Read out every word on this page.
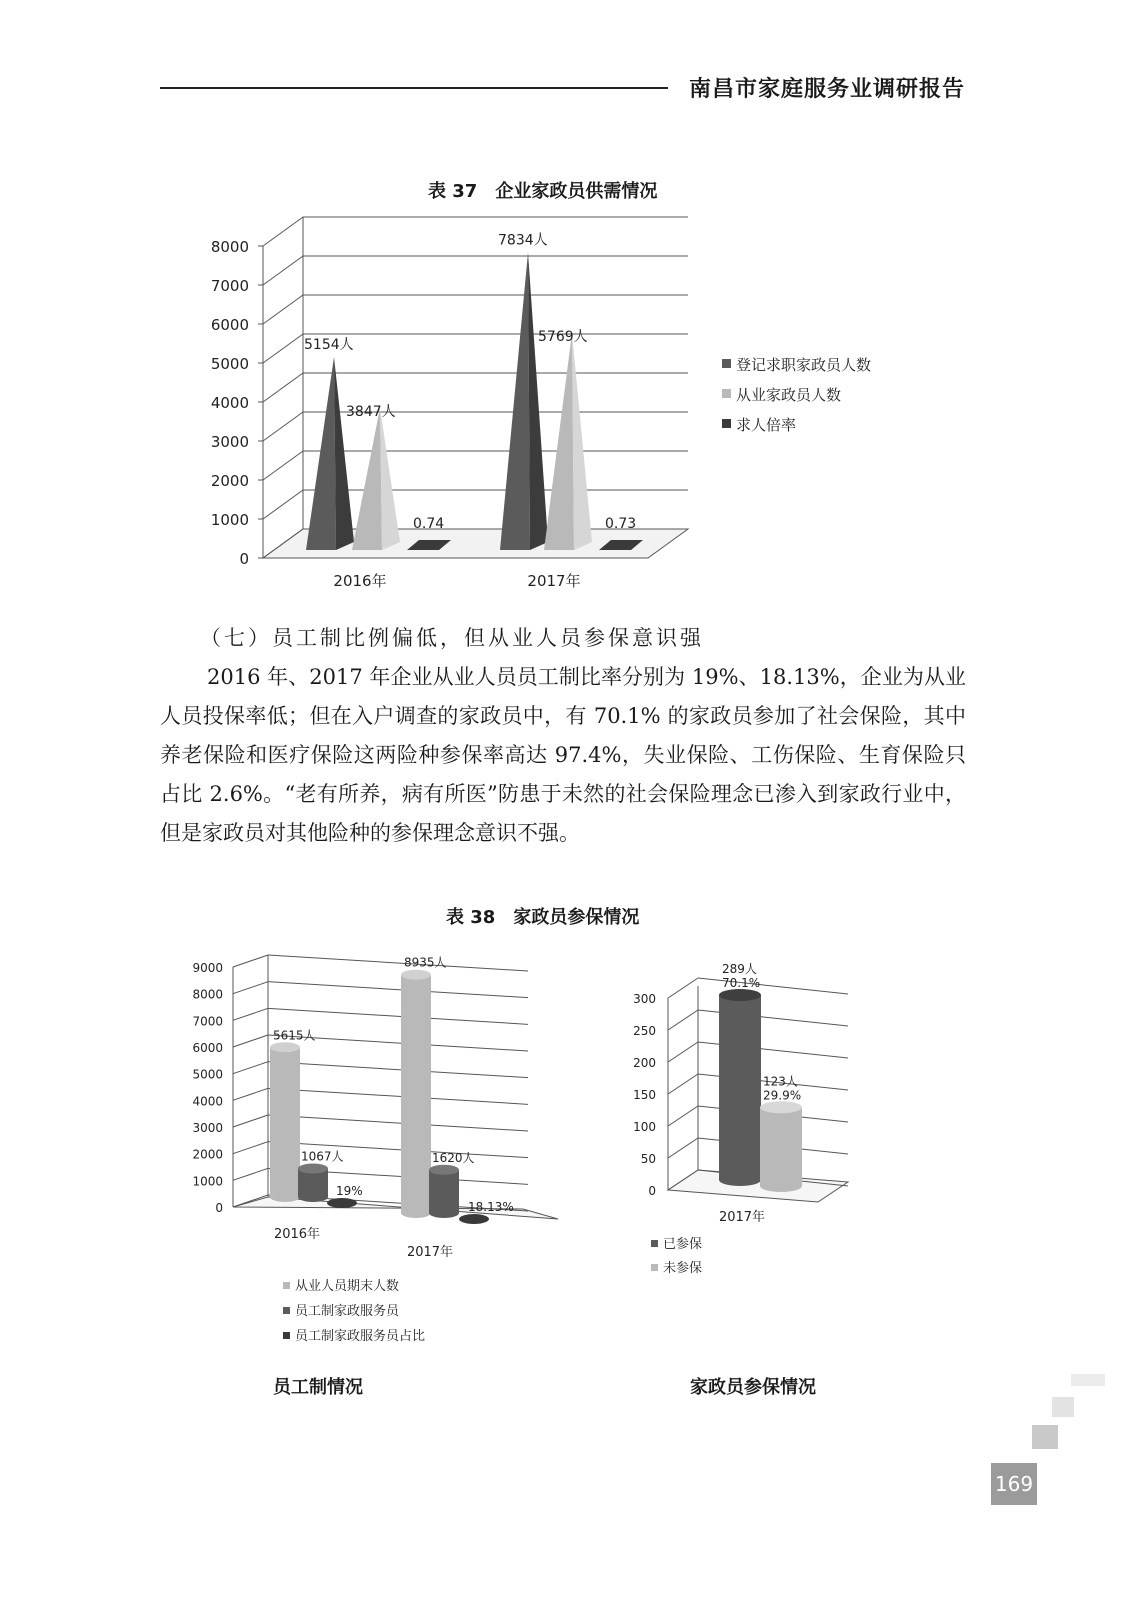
南昌市家庭服务业调研报告
表 37　企业家政员供需情况
0
1000
2000
3000
4000
5000
6000
7000
8000
5154人
3847人
0.74
7834人
5769人
0.73
2016年	2017年
登记求职家政员人数
从业家政员人数
求人倍率
（七）员工制比例偏低，但从业人员参保意识强

2016 年、2017 年企业从业人员员工制比率分别为 19%、18.13%，企业为从业人员投保率低；但在入户调查的家政员中，有 70.1% 的家政员参加了社会保险，其中养老保险和医疗保险这两险种参保率高达 97.4%，失业保险、工伤保险、生育保险只占比 2.6%。“老有所养，病有所医”防患于未然的社会保险理念已渗入到家政行业中，但是家政员对其他险种的参保理念意识不强。

表 38　家政员参保情况
0
1000
2000
3000
4000
5000
6000
7000
8000
9000
5615人
1067人
19%
8935人
1620人
18.13%
2016年
2017年
从业人员期末人数
员工制家政服务员
员工制家政服务员占比
0
50
100
150
200
250
300
289人
70.1%
123人
29.9%
2017年
已参保
未参保
员工制情况	家政员参保情况
169
